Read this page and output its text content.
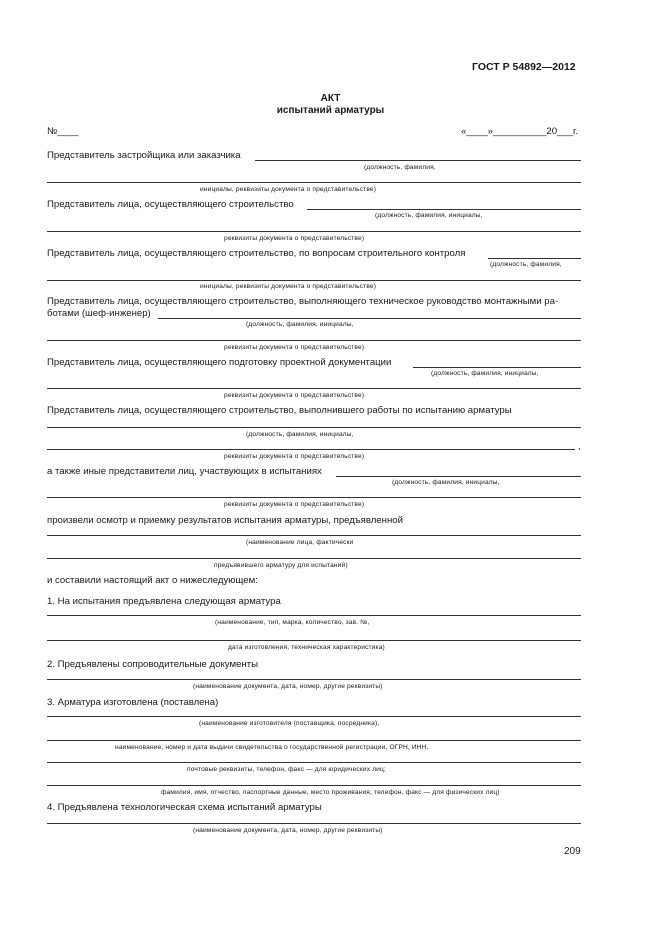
ГОСТ Р 54892—2012
АКТ
испытаний арматуры
№____	«____»__________20___г.
Представитель застройщика или заказчика
(должность, фамилия,
инициалы, реквизиты документа о представительстве)
Представитель лица, осуществляющего строительство
(должность, фамилия, инициалы,
реквизиты документа о представительстве)
Представитель лица, осуществляющего строительство, по вопросам строительного контроля
(должность, фамилия,
инициалы, реквизиты документа о представительстве)
Представитель лица, осуществляющего строительство, выполняющего техническое руководство монтажными ра-
ботами (шеф-инженер)
(должность, фамилия, инициалы,
реквизиты документа о представительстве)
Представитель лица, осуществляющего подготовку проектной документации
(должность, фамилия, инициалы,
реквизиты документа о представительстве)
Представитель лица, осуществляющего строительство, выполнившего работы по испытанию арматуры
(должность, фамилия, инициалы,
,
реквизиты документа о представительстве)
а также иные представители лиц, участвующих в испытаниях
(должность, фамилия, инициалы,
реквизиты документа о представительстве)
произвели осмотр и приемку результатов испытания арматуры, предъявленной
(наименование лица, фактически
предъявившего арматуру для испытаний)
и составили настоящий акт о нижеследующем:
1. На испытания предъявлена следующая арматура
(наименование, тип, марка, количество, зав. №,
дата изготовления, техническая характеристика)
2. Предъявлены сопроводительные документы
(наименование документа, дата, номер, другие реквизиты)
3. Арматура изготовлена (поставлена)
(наименование изготовителя (поставщика, посредника),
наименование, номер и дата выдачи свидетельства о государственной регистрации, ОГРН, ИНН,
почтовые реквизиты, телефон, факс — для юридических лиц;
фамилия, имя, отчество, паспортные данные, место проживания, телефон, факс — для физических лиц)
4. Предъявлена технологическая схема испытаний арматуры
(наименование документа, дата, номер, другие реквизиты)
209
